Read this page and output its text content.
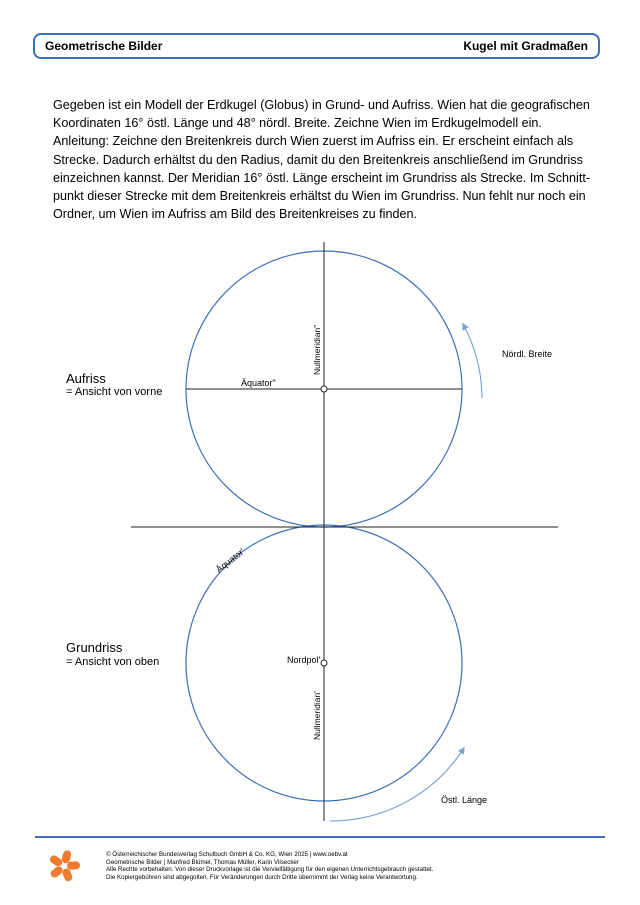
Geometrische Bilder	Kugel mit Gradmaßen

Gegeben ist ein Modell der Erdkugel (Globus) in Grund- und Aufriss. Wien hat die geografischen

Koordinaten 16° östl. Länge und 48° nördl. Breite. Zeichne Wien im Erdkugelmodell ein.

Anleitung: Zeichne den Breitenkreis durch Wien zuerst im Aufriss ein. Er erscheint einfach als

Strecke. Dadurch erhältst du den Radius, damit du den Breitenkreis anschließend im Grundriss

einzeichnen kannst. Der Meridian 16° östl. Länge erscheint im Grundriss als Strecke. Im Schnitt-

punkt dieser Strecke mit dem Breitenkreis erhältst du Wien im Grundriss. Nun fehlt nur noch ein

Ordner, um Wien im Aufriss am Bild des Breitenkreises zu finden.

Äquator"
Nullmeridian"	Nördl. Breite
Äquator'
Nordpol'
Nullmeridian'
Östl. Länge
Aufriss
= Ansicht von vorne
Grundriss
= Ansicht von oben
© Österreichischer Bundesverlag Schulbuch GmbH & Co. KG, Wien 2025 | www.oebv.at
Geometrische Bilder | Manfred Blümel, Thomas Müller, Karin Vilsecker
Alle Rechte vorbehalten. Von dieser Druckvorlage ist die Vervielfältigung für den eigenen Unterrichtsgebrauch gestattet.
Die Kopiergebühren sind abgegolten. Für Veränderungen durch Dritte übernimmt der Verlag keine Verantwortung.
